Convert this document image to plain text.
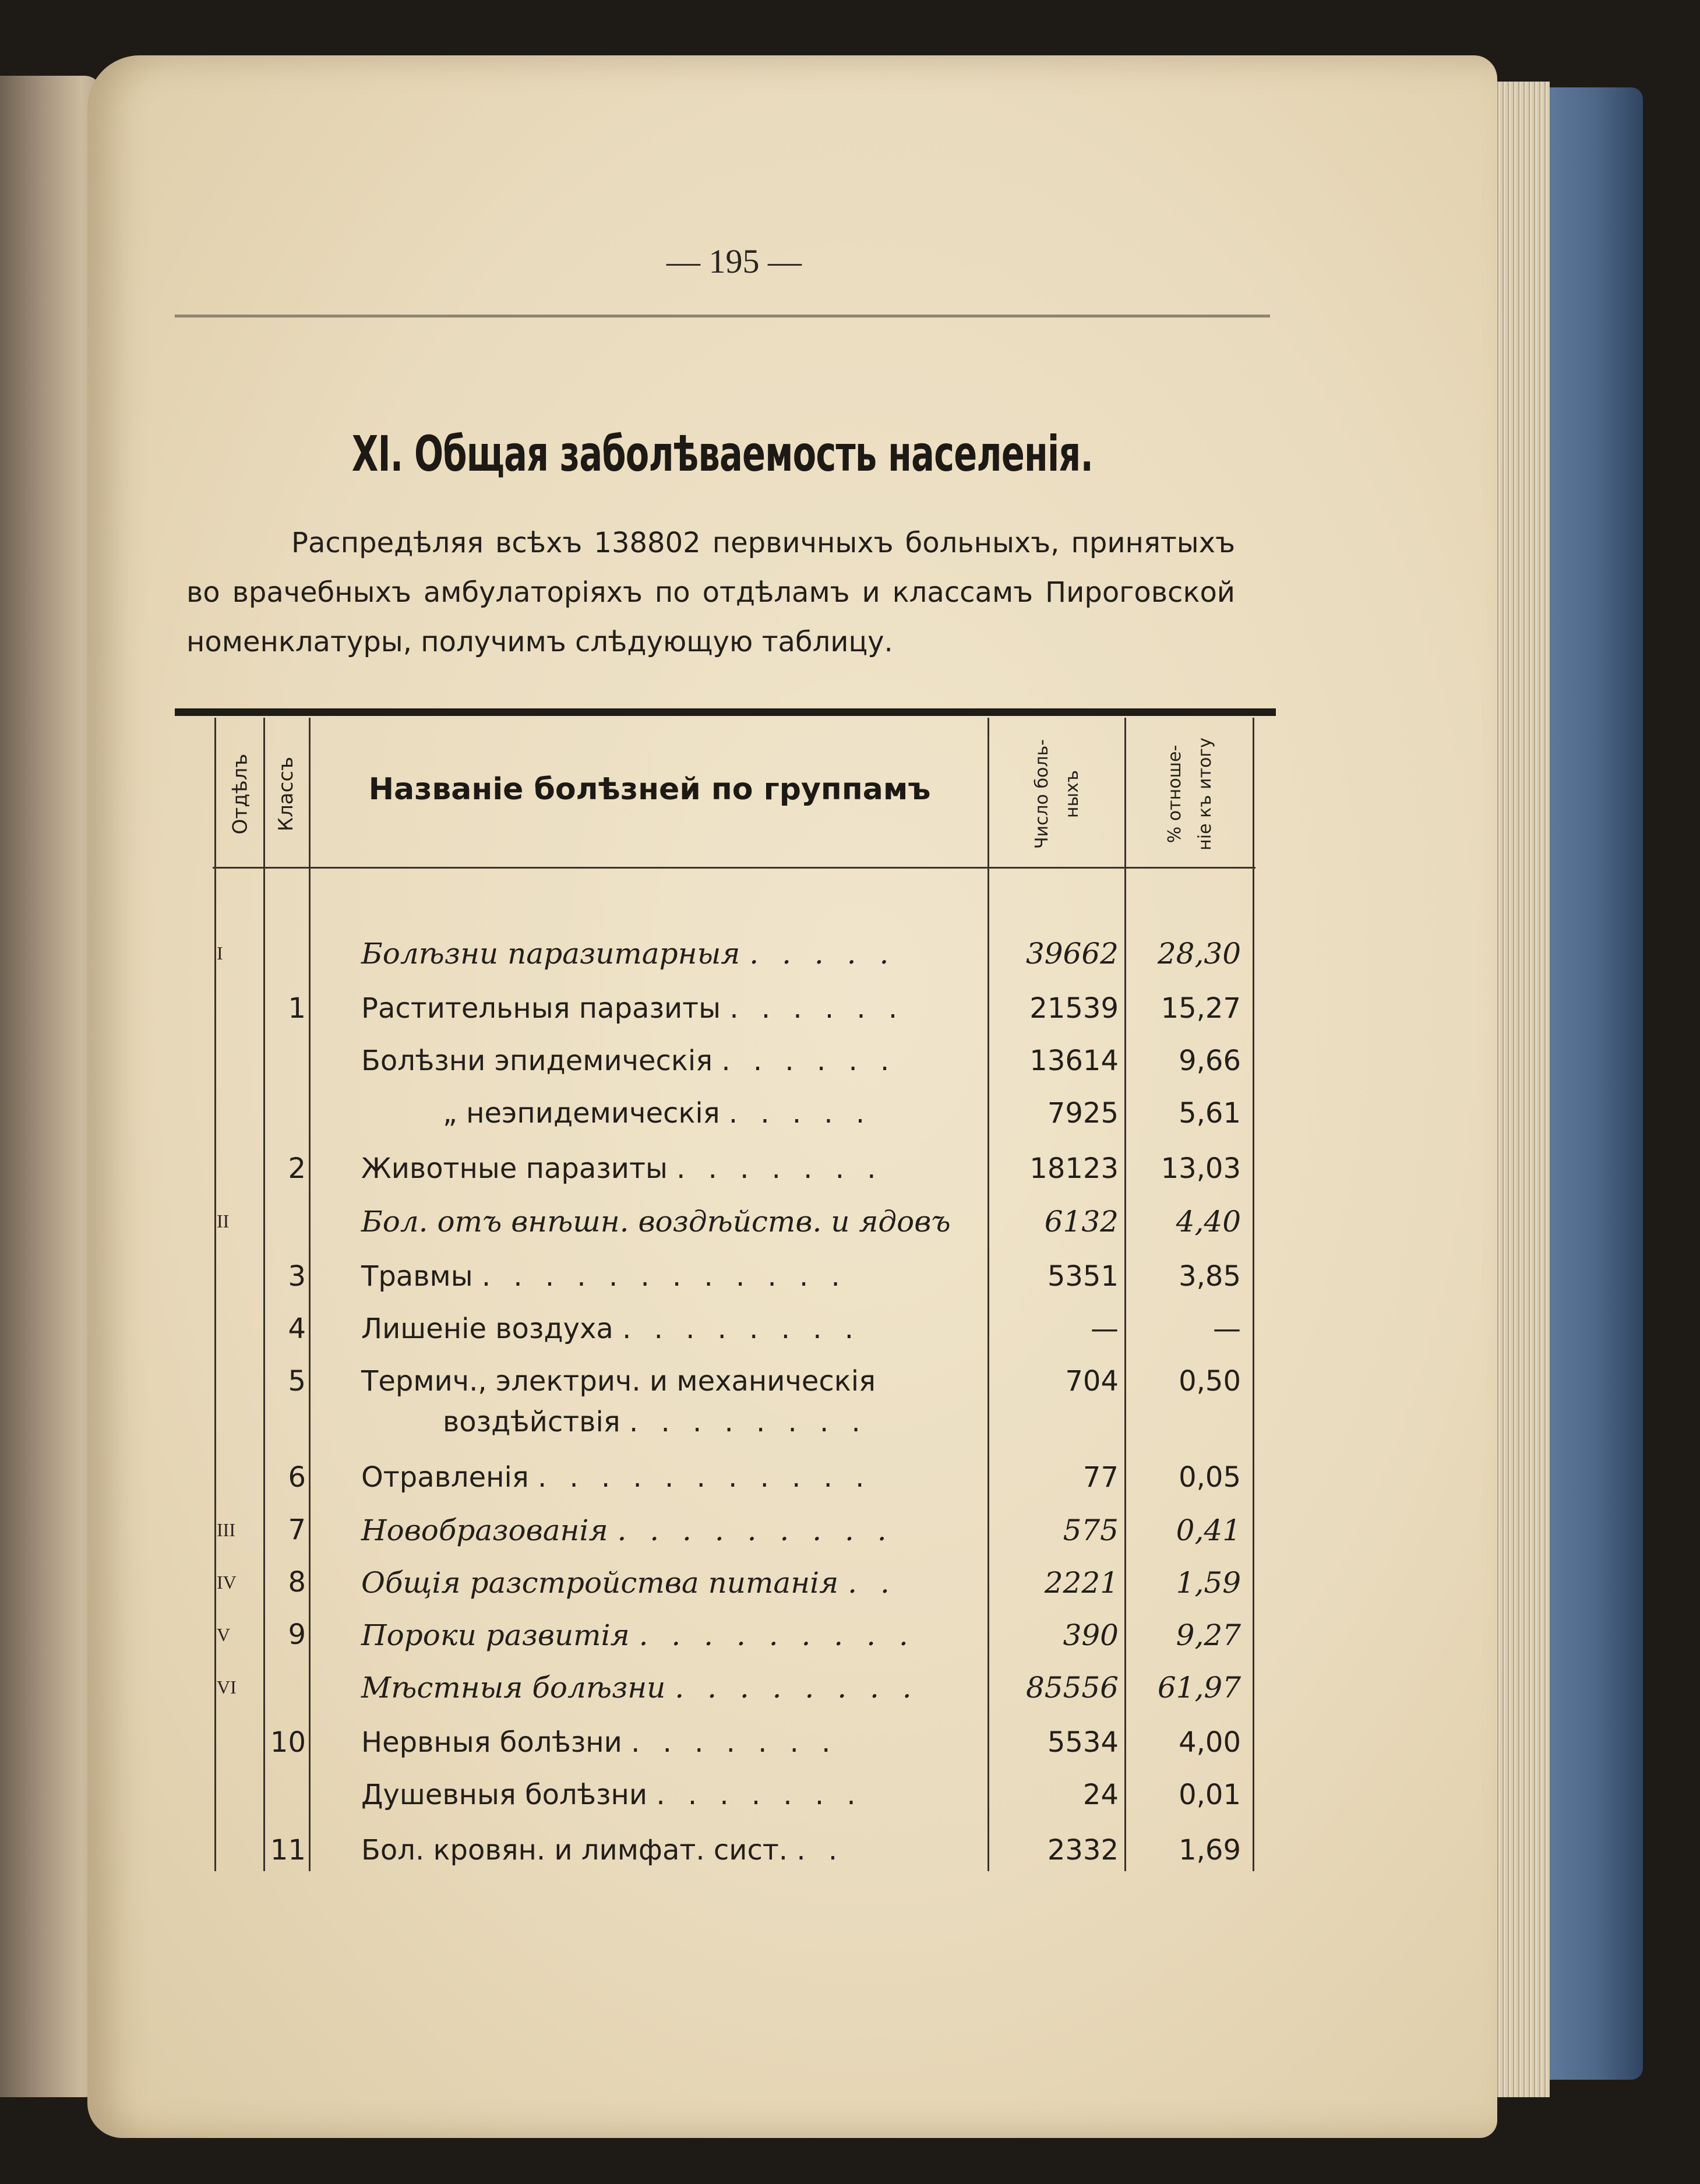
— 195 —
XI. Общая заболѣваемость населенія.
Распредѣляя всѣхъ 138802 первичныхъ больныхъ, принятыхъ во врачебныхъ амбулаторіяхъ по отдѣламъ и классамъ Пироговской номенклатуры, получимъ слѣдующую таблицу.
Отдѣлъ Классъ	Названіе болѣзней по группамъ	Число боль- ныхъ	% отноше- ніе къ итогу
I	Болѣзни паразитарныя . . . . .	39662	28,30
1 Растительныя паразиты . . . . . .	21539	15,27
Болѣзни эпидемическія . . . . . .	13614	9,66
„ неэпидемическія . . . . .	7925	5,61
2 Животные паразиты . . . . . . .	18123	13,03
II	Бол. отъ внѣшн. воздѣйств. и ядовъ	6132	4,40
3 Травмы . . . . . . . . . . . .	5351	3,85
4 Лишеніе воздуха . . . . . . . .	—	—
5 Термич., электрич. и механическія	704	0,50
воздѣйствія . . . . . . . .
6 Отравленія . . . . . . . . . . .	77	0,05
III	7 Новобразованія . . . . . . . . .	575	0,41
IV	8 Общія разстройства питанія . .	2221	1,59
V	9 Пороки развитія . . . . . . . . .	390	9,27
VI	Мѣстныя болѣзни . . . . . . . .	85556	61,97
10 Нервныя болѣзни . . . . . . .	5534	4,00
Душевныя болѣзни . . . . . . .	24	0,01
11 Бол. кровян. и лимфат. сист. . .	2332	1,69
